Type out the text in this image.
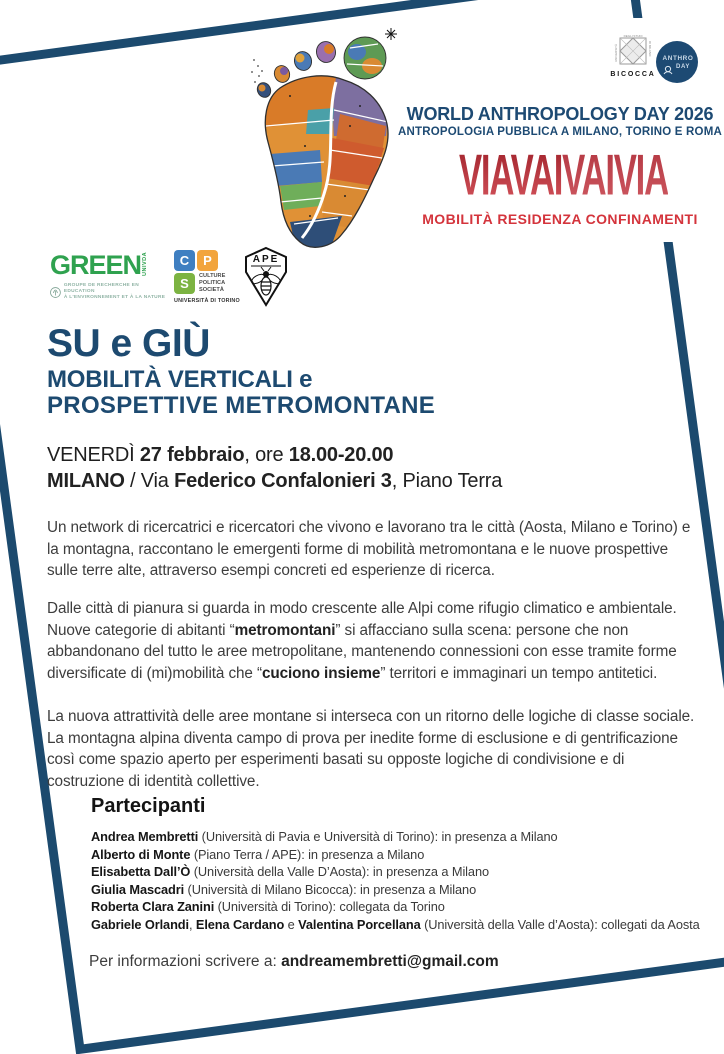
DEGLI STUDI
UNIVERSITÀ	DI MILANO
BICOCCA
ANTHRO
DAY
GREENUNIVDA
GROUPE DE RECHERCHE EN EDUCATION
À L'ENVIRONNEMENT ET À LA NATURE
C	P
S	CULTURE
POLITICA
SOCIETÀ
UNIVERSITÀ DI TORINO
APE
WORLD ANTHROPOLOGY DAY 2026
ANTROPOLOGIA PUBBLICA A MILANO, TORINO E ROMA
VIAVAIVAIVIA
MOBILITÀ RESIDENZA CONFINAMENTI
SU e GIÙ
MOBILITÀ VERTICALI e
PROSPETTIVE METROMONTANE
VENERDÌ 27 febbraio, ore 18.00-20.00
MILANO / Via Federico Confalonieri 3, Piano Terra
Un network di ricercatrici e ricercatori che vivono e lavorano tra le città (Aosta, Milano e Torino) e la montagna, raccontano le emergenti forme di mobilità metromontana e le nuove prospettive sulle terre alte, attraverso esempi concreti ed esperienze di ricerca.
Dalle città di pianura si guarda in modo crescente alle Alpi come rifugio climatico e ambientale. Nuove categorie di abitanti “metromontani” si affacciano sulla scena: persone che non abbandonano del tutto le aree metropolitane, mantenendo connessioni con esse tramite forme diversificate di (mi)mobilità che “cuciono insieme” territori e immaginari un tempo antitetici.
La nuova attrattività delle aree montane si interseca con un ritorno delle logiche di classe sociale. La montagna alpina diventa campo di prova per inedite forme di esclusione e di gentrificazione così come spazio aperto per esperimenti basati su opposte logiche di condivisione e di costruzione di identità collettive.
Partecipanti
Andrea Membretti (Università di Pavia e Università di Torino): in presenza a Milano
Alberto di Monte (Piano Terra / APE): in presenza a Milano
Elisabetta Dall’Ò (Università della Valle D’Aosta): in presenza a Milano
Giulia Mascadri (Università di Milano Bicocca): in presenza a Milano
Roberta Clara Zanini (Università di Torino): collegata da Torino
Gabriele Orlandi, Elena Cardano e Valentina Porcellana (Università della Valle d’Aosta): collegati da Aosta
Per informazioni scrivere a: andreamembretti@gmail.com
